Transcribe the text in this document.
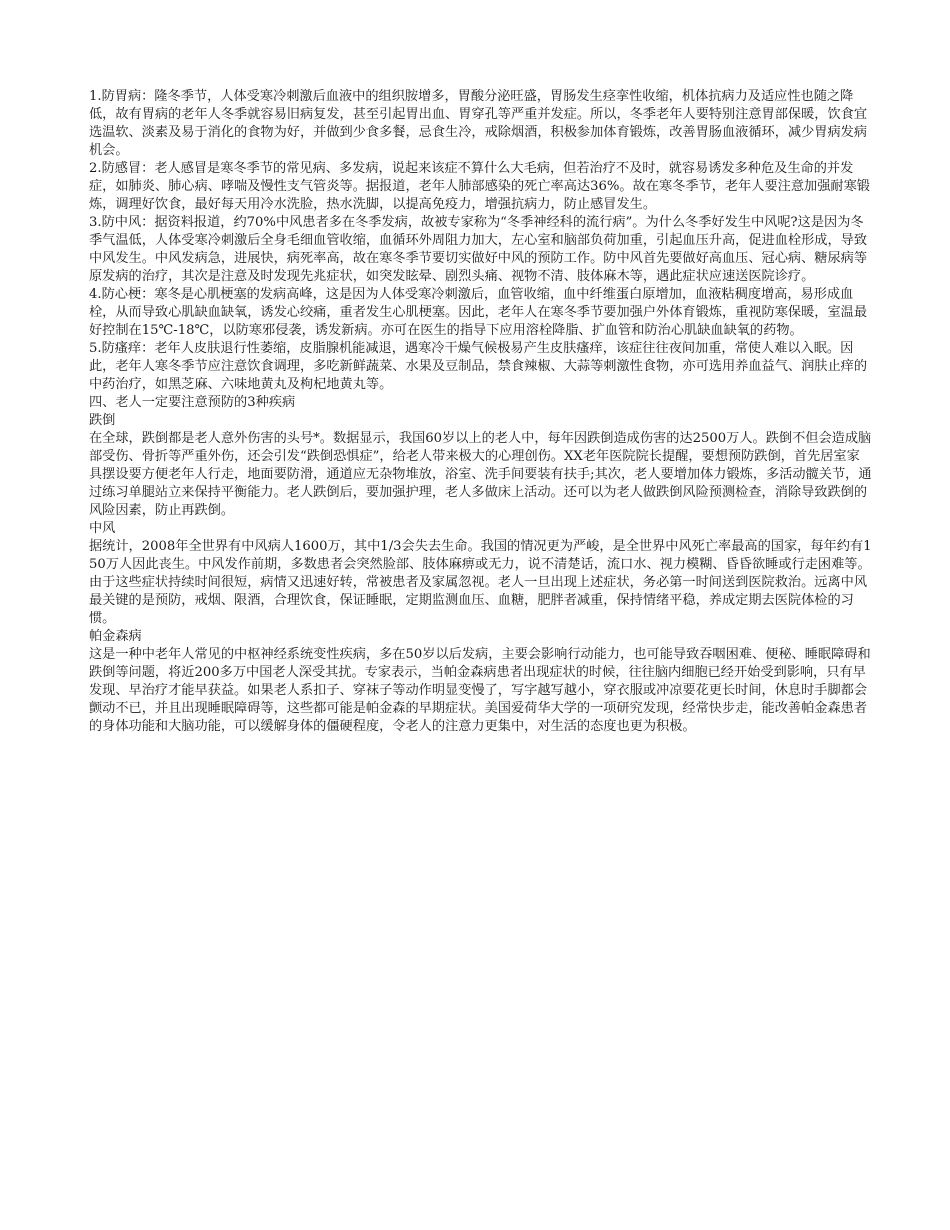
1.防胃病：隆冬季节，人体受寒冷刺激后血液中的组织胺增多，胃酸分泌旺盛，胃肠发生痉挛性收缩，机体抗病力及适应性也随之降低，故有胃病的老年人冬季就容易旧病复发，甚至引起胃出血、胃穿孔等严重并发症。所以，冬季老年人要特别注意胃部保暖，饮食宜选温软、淡素及易于消化的食物为好，并做到少食多餐，忌食生冷，戒除烟酒，积极参加体育锻炼，改善胃肠血液循环，减少胃病发病机会。

2.防感冒：老人感冒是寒冬季节的常见病、多发病，说起来该症不算什么大毛病，但若治疗不及时，就容易诱发多种危及生命的并发症，如肺炎、肺心病、哮喘及慢性支气管炎等。据报道，老年人肺部感染的死亡率高达36%。故在寒冬季节，老年人要注意加强耐寒锻炼，调理好饮食，最好每天用冷水洗脸，热水洗脚，以提高免疫力，增强抗病力，防止感冒发生。

3.防中风：据资料报道，约70%中风患者多在冬季发病，故被专家称为“冬季神经科的流行病”。为什么冬季好发生中风呢?这是因为冬季气温低，人体受寒冷刺激后全身毛细血管收缩，血循环外周阻力加大，左心室和脑部负荷加重，引起血压升高，促进血栓形成，导致中风发生。中风发病急，进展快，病死率高，故在寒冬季节要切实做好中风的预防工作。防中风首先要做好高血压、冠心病、糖尿病等原发病的治疗，其次是注意及时发现先兆症状，如突发眩晕、剧烈头痛、视物不清、肢体麻木等，遇此症状应速送医院诊疗。

4.防心梗：寒冬是心肌梗塞的发病高峰，这是因为人体受寒冷刺激后，血管收缩，血中纤维蛋白原增加，血液粘稠度增高，易形成血栓，从而导致心肌缺血缺氧，诱发心绞痛，重者发生心肌梗塞。因此，老年人在寒冬季节要加强户外体育锻炼，重视防寒保暖，室温最好控制在15℃-18℃，以防寒邪侵袭，诱发新病。亦可在医生的指导下应用溶栓降脂、扩血管和防治心肌缺血缺氧的药物。

5.防瘙痒：老年人皮肤退行性萎缩，皮脂腺机能减退，遇寒冷干燥气候极易产生皮肤瘙痒，该症往往夜间加重，常使人难以入眠。因此，老年人寒冬季节应注意饮食调理，多吃新鲜蔬菜、水果及豆制品，禁食辣椒、大蒜等刺激性食物，亦可选用养血益气、润肤止痒的中药治疗，如黑芝麻、六味地黄丸及枸杞地黄丸等。

四、老人一定要注意预防的3种疾病

跌倒

在全球，跌倒都是老人意外伤害的头号*。数据显示，我国60岁以上的老人中，每年因跌倒造成伤害的达2500万人。跌倒不但会造成脑部受伤、骨折等严重外伤，还会引发“跌倒恐惧症”，给老人带来极大的心理创伤。XX老年医院院长提醒，要想预防跌倒，首先居室家具摆设要方便老年人行走，地面要防滑，通道应无杂物堆放，浴室、洗手间要装有扶手;其次，老人要增加体力锻炼，多活动髋关节，通过练习单腿站立来保持平衡能力。老人跌倒后，要加强护理，老人多做床上活动。还可以为老人做跌倒风险预测检查，消除导致跌倒的风险因素，防止再跌倒。

中风

据统计，2008年全世界有中风病人1600万，其中1/3会失去生命。我国的情况更为严峻，是全世界中风死亡率最高的国家，每年约有150万人因此丧生。中风发作前期，多数患者会突然脸部、肢体麻痹或无力，说不清楚话，流口水、视力模糊、昏昏欲睡或行走困难等。由于这些症状持续时间很短，病情又迅速好转，常被患者及家属忽视。老人一旦出现上述症状，务必第一时间送到医院救治。远离中风最关键的是预防，戒烟、限酒，合理饮食，保证睡眠，定期监测血压、血糖，肥胖者减重，保持情绪平稳，养成定期去医院体检的习惯。

帕金森病

这是一种中老年人常见的中枢神经系统变性疾病，多在50岁以后发病，主要会影响行动能力，也可能导致吞咽困难、便秘、睡眠障碍和跌倒等问题，将近200多万中国老人深受其扰。专家表示，当帕金森病患者出现症状的时候，往往脑内细胞已经开始受到影响，只有早发现、早治疗才能早获益。如果老人系扣子、穿袜子等动作明显变慢了，写字越写越小，穿衣服或冲凉要花更长时间，休息时手脚都会颤动不已，并且出现睡眠障碍等，这些都可能是帕金森的早期症状。美国爱荷华大学的一项研究发现，经常快步走，能改善帕金森患者的身体功能和大脑功能，可以缓解身体的僵硬程度，令老人的注意力更集中，对生活的态度也更为积极。
